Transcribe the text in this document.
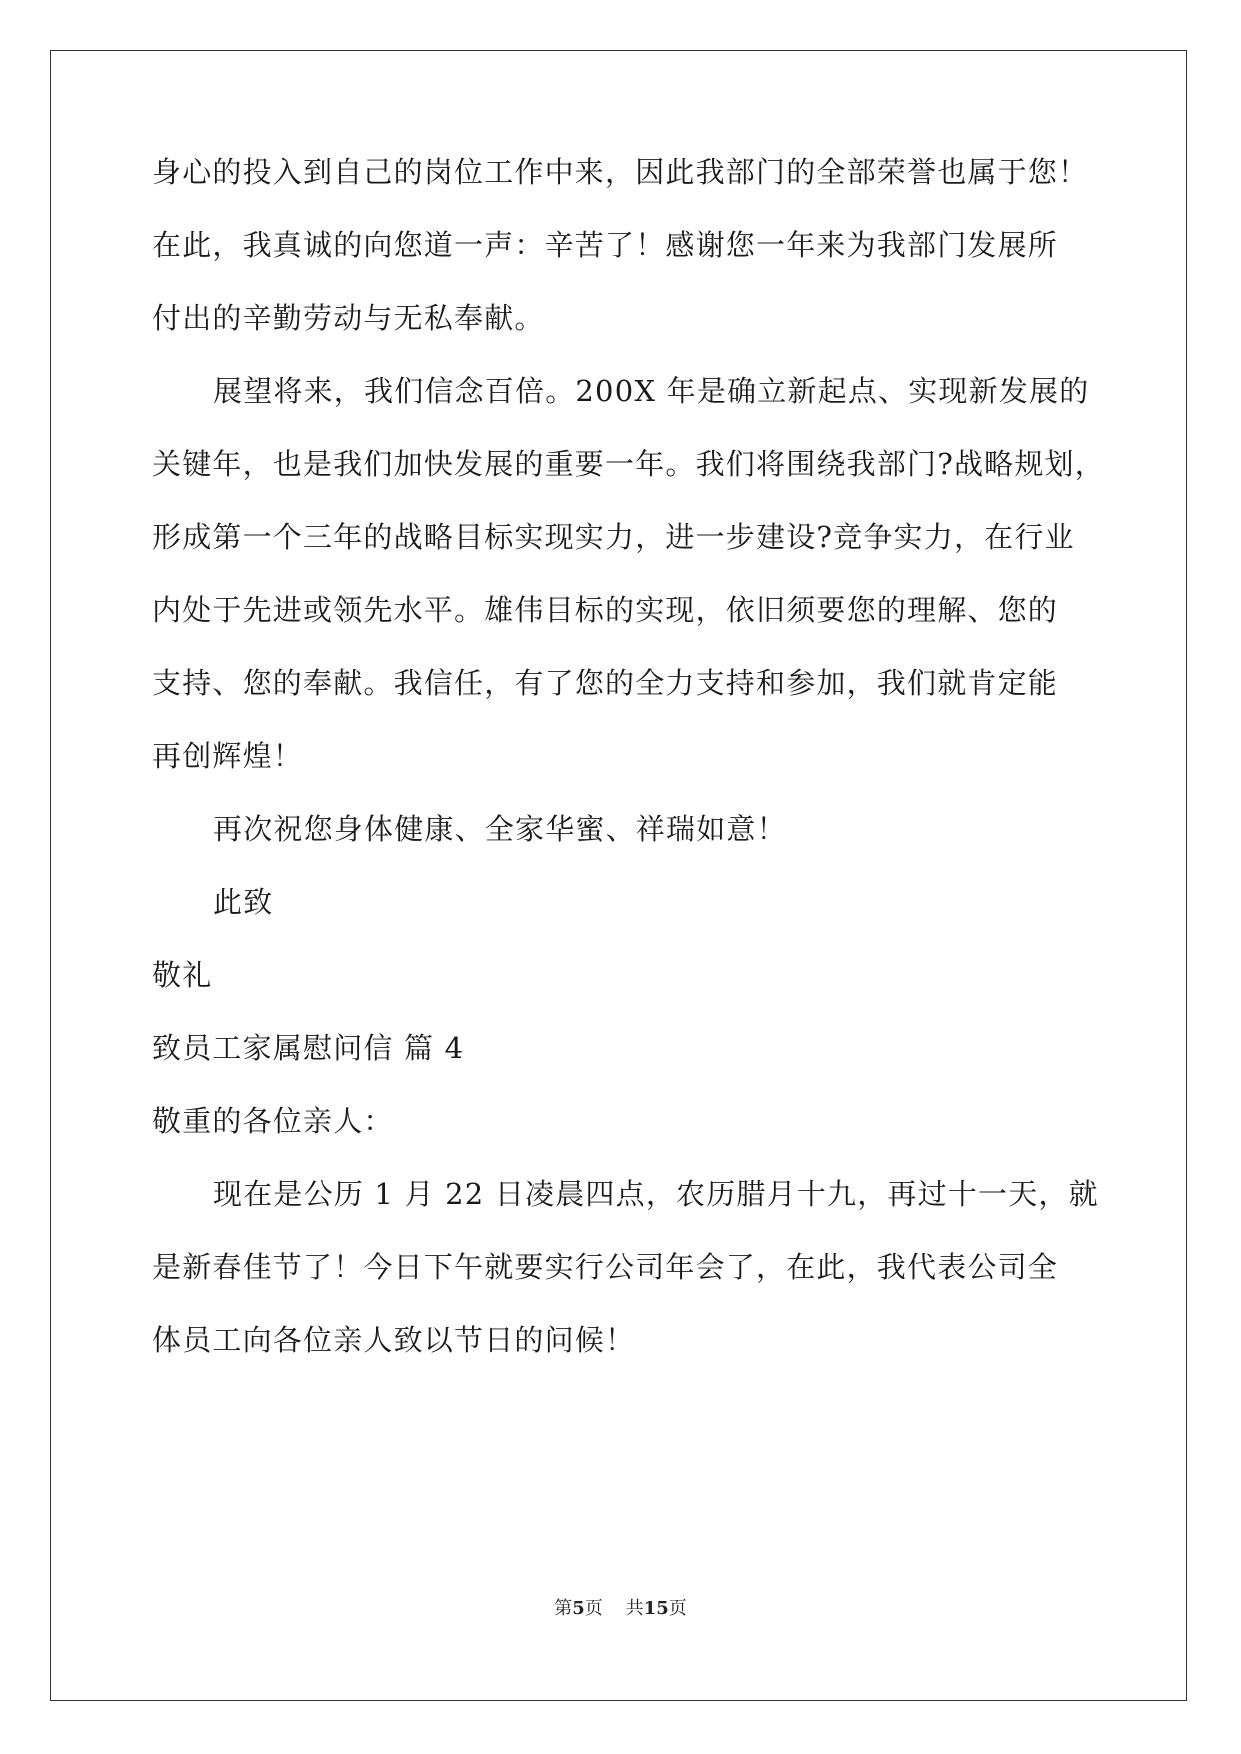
身心的投入到自己的岗位工作中来，因此我部门的全部荣誉也属于您！
在此，我真诚的向您道一声：辛苦了！感谢您一年来为我部门发展所
付出的辛勤劳动与无私奉献。
展望将来，我们信念百倍。200X 年是确立新起点、实现新发展的
关键年，也是我们加快发展的重要一年。我们将围绕我部门?战略规划，
形成第一个三年的战略目标实现实力，进一步建设?竞争实力，在行业
内处于先进或领先水平。雄伟目标的实现，依旧须要您的理解、您的
支持、您的奉献。我信任，有了您的全力支持和参加，我们就肯定能
再创辉煌！
再次祝您身体健康、全家华蜜、祥瑞如意！
此致
敬礼
致员工家属慰问信 篇 4
敬重的各位亲人：
现在是公历 1 月 22 日凌晨四点，农历腊月十九，再过十一天，就
是新春佳节了！今日下午就要实行公司年会了，在此，我代表公司全
体员工向各位亲人致以节日的问候！
第5页 共15页
